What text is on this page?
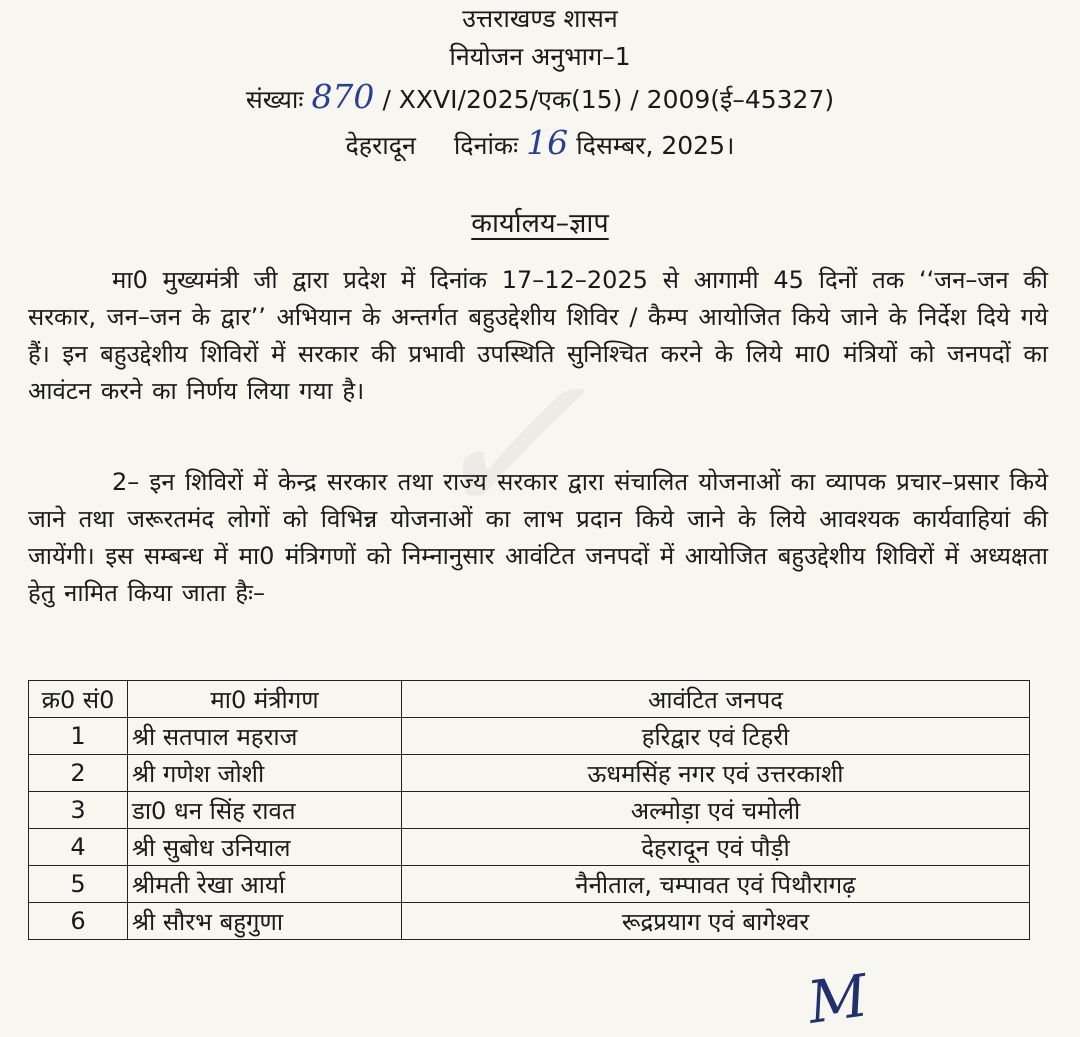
✓
उत्तराखण्ड शासन
नियोजन अनुभाग–1
संख्याः 870 / XXVI/2025/एक(15) / 2009(ई–45327)
देहरादून दिनांकः 16 दिसम्बर, 2025।
कार्यालय–ज्ञाप
मा0 मुख्यमंत्री जी द्वारा प्रदेश में दिनांक 17–12–2025 से आगामी 45 दिनों तक ‘‘जन–जन की सरकार, जन–जन के द्वार’’ अभियान के अन्तर्गत बहुउद्देशीय शिविर / कैम्प आयोजित किये जाने के निर्देश दिये गये हैं। इन बहुउद्देशीय शिविरों में सरकार की प्रभावी उपस्थिति सुनिश्चित करने के लिये मा0 मंत्रियों को जनपदों का आवंटन करने का निर्णय लिया गया है।
2– इन शिविरों में केन्द्र सरकार तथा राज्य सरकार द्वारा संचालित योजनाओं का व्यापक प्रचार–प्रसार किये जाने तथा जरूरतमंद लोगों को विभिन्न योजनाओं का लाभ प्रदान किये जाने के लिये आवश्यक कार्यवाहियां की जायेंगी। इस सम्बन्ध में मा0 मंत्रिगणों को निम्नानुसार आवंटित जनपदों में आयोजित बहुउद्देशीय शिविरों में अध्यक्षता हेतु नामित किया जाता हैः–
क्र0 सं0	मा0 मंत्रीगण	आवंटित जनपद
1	श्री सतपाल महराज	हरिद्वार एवं टिहरी
2	श्री गणेश जोशी	ऊधमसिंह नगर एवं उत्तरकाशी
3	डा0 धन सिंह रावत	अल्मोड़ा एवं चमोली
4	श्री सुबोध उनियाल	देहरादून एवं पौड़ी
5	श्रीमती रेखा आर्या	नैनीताल, चम्पावत एवं पिथौरागढ़
6	श्री सौरभ बहुगुणा	रूद्रप्रयाग एवं बागेश्वर
M
